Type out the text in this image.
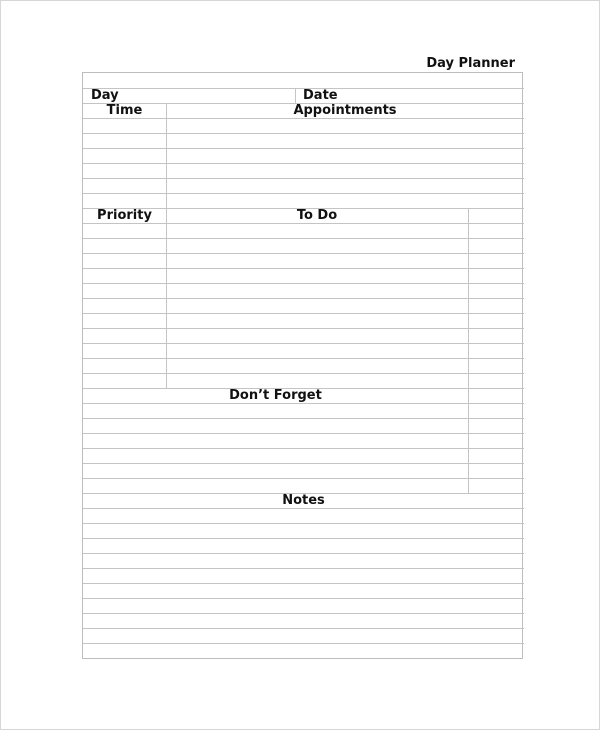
Day Planner
Day	Date
Time	Appointments
Priority	To Do
Don’t Forget
Notes
